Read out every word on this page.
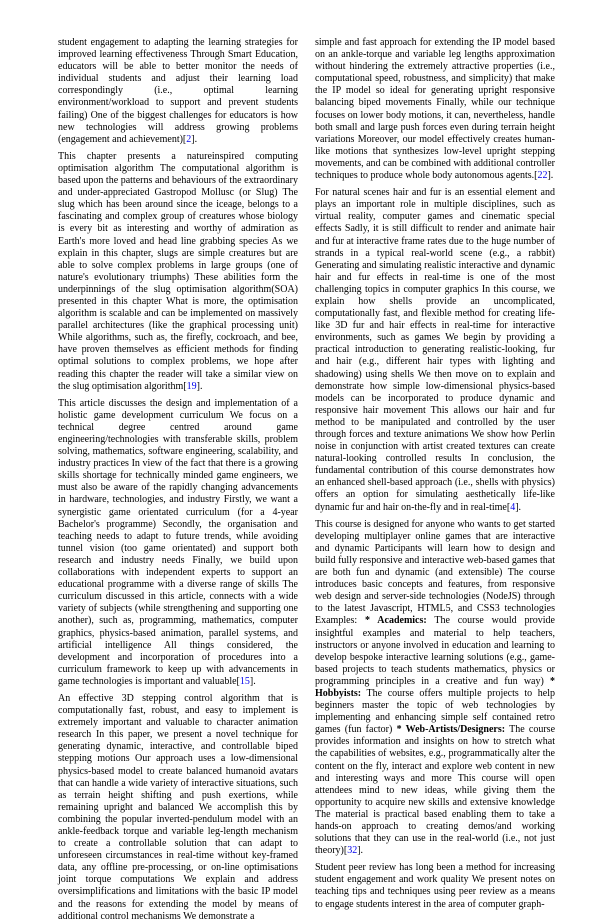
student engagement to adapting the learning strategies for improved learning effectiveness Through Smart Education, educators will be able to better monitor the needs of individual students and adjust their learning load correspondingly (i.e., optimal learning environment/workload to support and prevent students failing) One of the biggest challenges for educators is how new technologies will address growing problems (engagement and achievement)[2].

This chapter presents a natureinspired computing optimisation algorithm The computational algorithm is based upon the patterns and behaviours of the extraordinary and under-appreciated Gastropod Mollusc (or Slug) The slug which has been around since the iceage, belongs to a fascinating and complex group of creatures whose biology is every bit as interesting and worthy of admiration as Earth's more loved and head line grabbing species As we explain in this chapter, slugs are simple creatures but are able to solve complex problems in large groups (one of nature's evolutionary triumphs) These abilities form the underpinnings of the slug optimisation algorithm(SOA) presented in this chapter What is more, the optimisation algorithm is scalable and can be implemented on massively parallel architectures (like the graphical processing unit) While algorithms, such as, the firefly, cockroach, and bee, have proven themselves as efficient methods for finding optimal solutions to complex problems, we hope after reading this chapter the reader will take a similar view on the slug optimisation algorithm[19].

This article discusses the design and implementation of a holistic game development curriculum We focus on a technical degree centred around game engineering/technologies with transferable skills, problem solving, mathematics, software engineering, scalability, and industry practices In view of the fact that there is a growing skills shortage for technically minded game engineers, we must also be aware of the rapidly changing advancements in hardware, technologies, and industry Firstly, we want a synergistic game orientated curriculum (for a 4-year Bachelor's programme) Secondly, the organisation and teaching needs to adapt to future trends, while avoiding tunnel vision (too game orientated) and support both research and industry needs Finally, we build upon collaborations with independent experts to support an educational programme with a diverse range of skills The curriculum discussed in this article, connects with a wide variety of subjects (while strengthening and supporting one another), such as, programming, mathematics, computer graphics, physics-based animation, parallel systems, and artificial intelligence All things considered, the development and incorporation of procedures into a curriculum framework to keep up with advancements in game technologies is important and valuable[15].

An effective 3D stepping control algorithm that is computationally fast, robust, and easy to implement is extremely important and valuable to character animation research In this paper, we present a novel technique for generating dynamic, interactive, and controllable biped stepping motions Our approach uses a low-dimensional physics-based model to create balanced humanoid avatars that can handle a wide variety of interactive situations, such as terrain height shifting and push exertions, while remaining upright and balanced We accomplish this by combining the popular inverted-pendulum model with an ankle-feedback torque and variable leg-length mechanism to create a controllable solution that can adapt to unforeseen circumstances in real-time without key-framed data, any offline pre-processing, or on-line optimisations joint torque computations We explain and address oversimplifications and limitations with the basic IP model and the reasons for extending the model by means of additional control mechanisms We demonstrate a

simple and fast approach for extending the IP model based on an ankle-torque and variable leg lengths approximation without hindering the extremely attractive properties (i.e., computational speed, robustness, and simplicity) that make the IP model so ideal for generating upright responsive balancing biped movements Finally, while our technique focuses on lower body motions, it can, nevertheless, handle both small and large push forces even during terrain height variations Moreover, our model effectively creates human-like motions that synthesizes low-level upright stepping movements, and can be combined with additional controller techniques to produce whole body autonomous agents.[22].

For natural scenes hair and fur is an essential element and plays an important role in multiple disciplines, such as virtual reality, computer games and cinematic special effects Sadly, it is still difficult to render and animate hair and fur at interactive frame rates due to the huge number of strands in a typical real-world scene (e.g., a rabbit) Generating and simulating realistic interactive and dynamic hair and fur effects in real-time is one of the most challenging topics in computer graphics In this course, we explain how shells provide an uncomplicated, computationally fast, and flexible method for creating life-like 3D fur and hair effects in real-time for interactive environments, such as games We begin by providing a practical introduction to generating realistic-looking, fur and hair (e.g., different hair types with lighting and shadowing) using shells We then move on to explain and demonstrate how simple low-dimensional physics-based models can be incorporated to produce dynamic and responsive hair movement This allows our hair and fur method to be manipulated and controlled by the user through forces and texture animations We show how Perlin noise in conjunction with artist created textures can create natural-looking controlled results In conclusion, the fundamental contribution of this course demonstrates how an enhanced shell-based approach (i.e., shells with physics) offers an option for simulating aesthetically life-like dynamic fur and hair on-the-fly and in real-time[4].

This course is designed for anyone who wants to get started developing multiplayer online games that are interactive and dynamic Participants will learn how to design and build fully responsive and interactive web-based games that are both fun and dynamic (and extensible) The course introduces basic concepts and features, from responsive web design and server-side technologies (NodeJS) through to the latest Javascript, HTML5, and CSS3 technologies Examples: * Academics: The course would provide insightful examples and material to help teachers, instructors or anyone involved in education and learning to develop bespoke interactive learning solutions (e.g., game-based projects to teach students mathematics, physics or programming principles in a creative and fun way) * Hobbyists: The course offers multiple projects to help beginners master the topic of web technologies by implementing and enhancing simple self contained retro games (fun factor) * Web-Artists/Designers: The course provides information and insights on how to stretch what the capabilities of websites, e.g., programmatically alter the content on the fly, interact and explore web content in new and interesting ways and more This course will open attendees mind to new ideas, while giving them the opportunity to acquire new skills and extensive knowledge The material is practical based enabling them to take a hands-on approach to creating demos/and working solutions that they can use in the real-world (i.e., not just theory)[32].

Student peer review has long been a method for increasing student engagement and work quality We present notes on teaching tips and techniques using peer review as a means to engage students interest in the area of computer graph-
